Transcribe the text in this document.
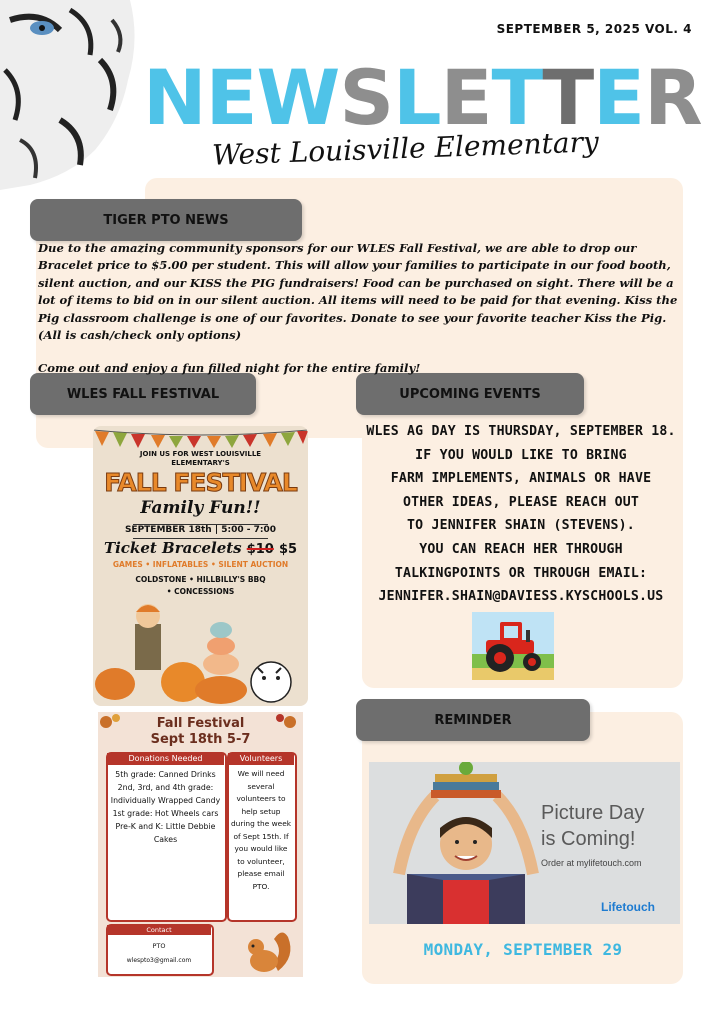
SEPTEMBER 5, 2025 VOL. 4
NEWSLETTER
West Louisville Elementary
TIGER PTO NEWS
WLES FALL FESTIVAL	UPCOMING EVENTS
REMINDER

Due to the amazing community sponsors for our WLES Fall Festival, we are able to drop our Bracelet price to $5.00 per student. This will allow your families to participate in our food booth, silent auction, and our KISS the PIG fundraisers! Food can be purchased on sight. There will be a lot of items to bid on in our silent auction. All items will need to be paid for that evening. Kiss the Pig classroom challenge is one of our favorites. Donate to see your favorite teacher Kiss the Pig. (All is cash/check only options)

Come out and enjoy a fun filled night for the entire family!

WLES AG DAY IS THURSDAY, SEPTEMBER 18.
IF YOU WOULD LIKE TO BRING
FARM IMPLEMENTS, ANIMALS OR HAVE
OTHER IDEAS, PLEASE REACH OUT
TO JENNIFER SHAIN (STEVENS).
YOU CAN REACH HER THROUGH
TALKINGPOINTS OR THROUGH EMAIL:
JENNIFER.SHAIN@DAVIESS.KYSCHOOLS.US
JOIN US FOR WEST LOUISVILLE ELEMENTARY'S
FALL FESTIVAL
Family Fun!!
SEPTEMBER 18th | 5:00 - 7:00
Ticket Bracelets $10 $5
GAMES • INFLATABLES • SILENT AUCTION
COLDSTONE • HILLBILLY'S BBQ • CONCESSIONS
Fall Festival
Sept 18th 5-7
Donations Needed
5th grade: Canned Drinks
2nd, 3rd, and 4th grade: Individually Wrapped Candy
1st grade: Hot Wheels cars
Pre-K and K: Little Debbie Cakes
Volunteers
We will need several volunteers to help setup during the week of Sept 15th. If you would like to volunteer, please email PTO.
Contact
PTO
wlespto3@gmail.com
Picture Day
is Coming!
Order at mylifetouch.com
Lifetouch
MONDAY, SEPTEMBER 29
